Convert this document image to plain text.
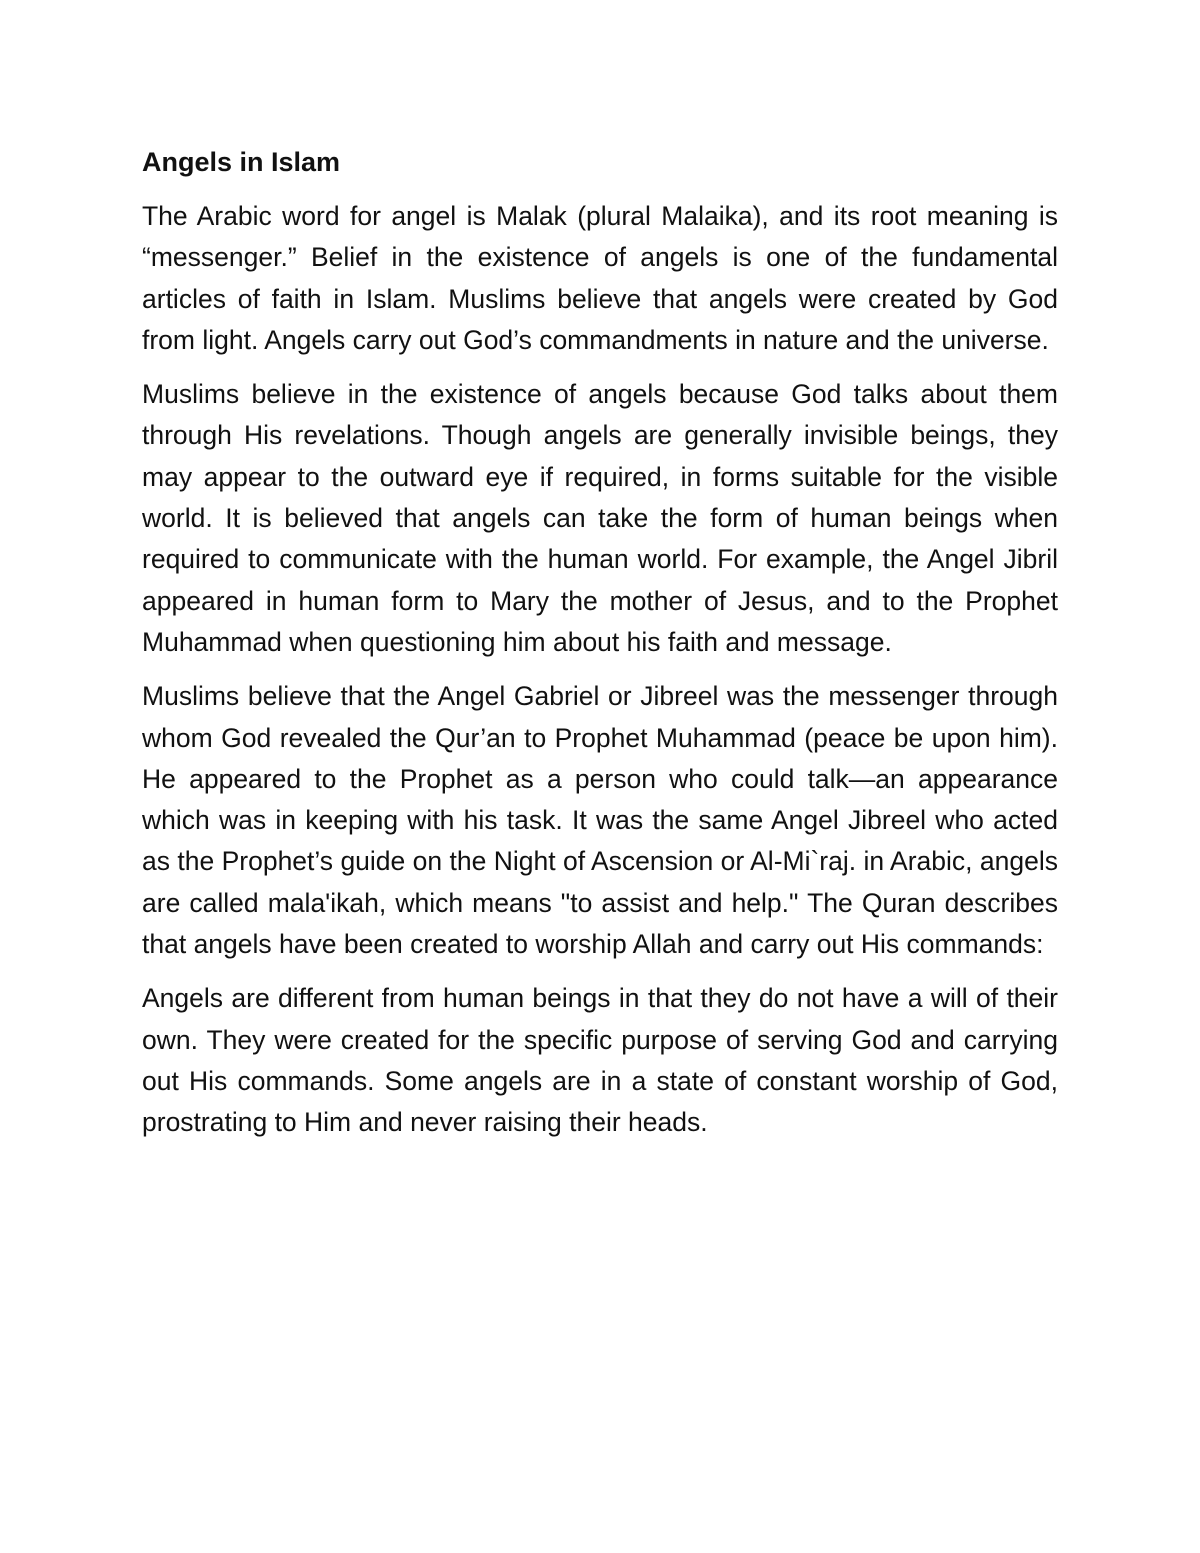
Angels in Islam

The Arabic word for angel is Malak (plural Malaika), and its root meaning is “messenger.” Belief in the existence of angels is one of the fundamental articles of faith in Islam. Muslims believe that angels were created by God from light. Angels carry out God’s commandments in nature and the universe.

Muslims believe in the existence of angels because God talks about them through His revelations. Though angels are generally invisible beings, they may appear to the outward eye if required, in forms suitable for the visible world. It is believed that angels can take the form of human beings when required to communicate with the human world. For example, the Angel Jibril appeared in human form to Mary the mother of Jesus, and to the Prophet Muhammad when questioning him about his faith and message.

Muslims believe that the Angel Gabriel or Jibreel was the messenger through whom God revealed the Qur’an to Prophet Muhammad (peace be upon him). He appeared to the Prophet as a person who could talk—an appearance which was in keeping with his task. It was the same Angel Jibreel who acted as the Prophet’s guide on the Night of Ascension or Al-Mi`raj. in Arabic, angels are called mala'ikah, which means "to assist and help." The Quran describes that angels have been created to worship Allah and carry out His commands:

Angels are different from human beings in that they do not have a will of their own. They were created for the specific purpose of serving God and carrying out His commands. Some angels are in a state of constant worship of God, prostrating to Him and never raising their heads.
